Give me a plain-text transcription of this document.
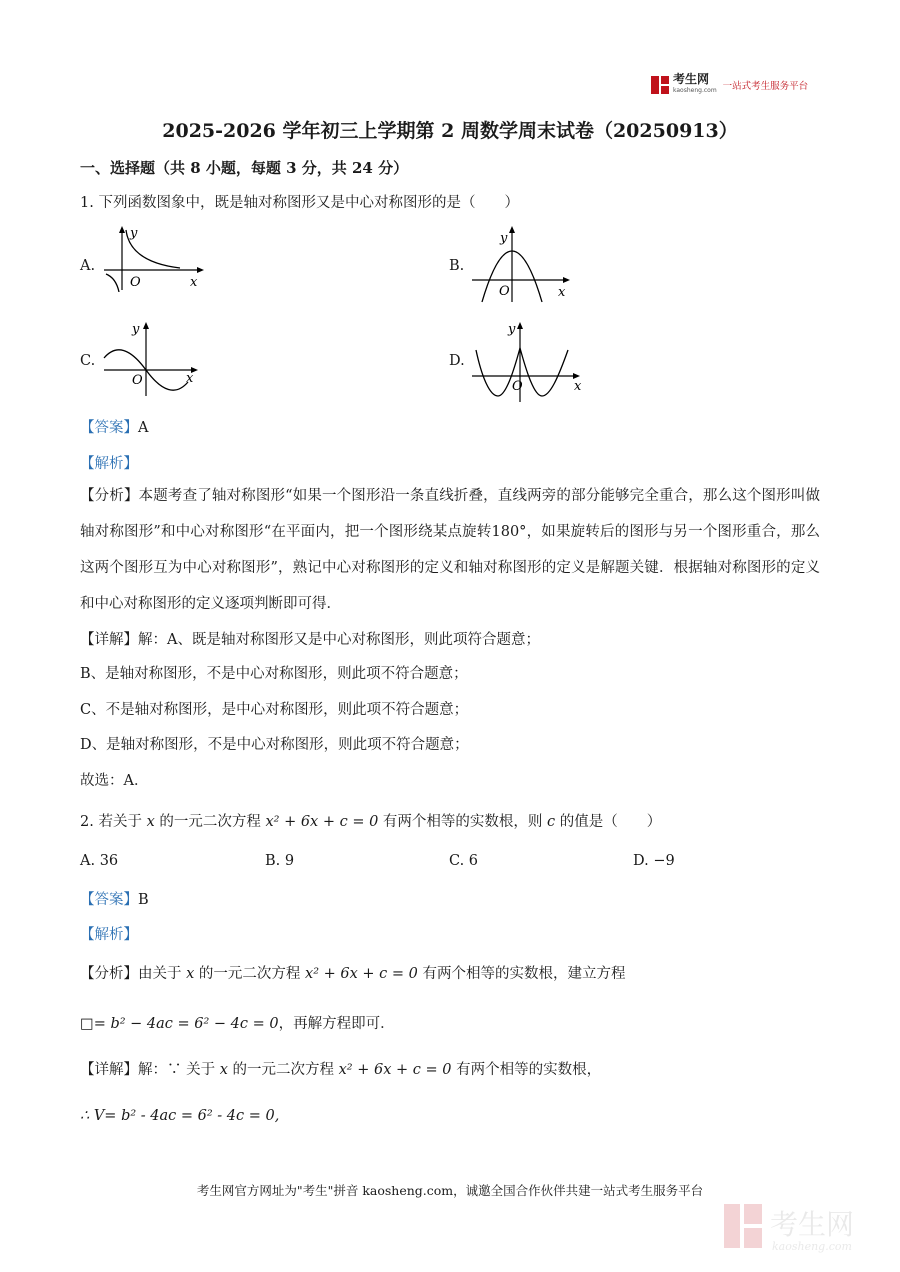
考生网
kaosheng.com 一站式考生服务平台
2025-2026 学年初三上学期第 2 周数学周末试卷（20250913）
一、选择题（共 8 小题，每题 3 分，共 24 分）
1. 下列函数图象中，既是轴对称图形又是中心对称图形的是（　　）
A.
y
x
O
B.
y
x
O
C.
y
x
O
D.
y
x
O
【答案】A
【解析】
【分析】本题考查了轴对称图形“如果一个图形沿一条直线折叠，直线两旁的部分能够完全重合，那么这个图形叫做轴对称图形”和中心对称图形“在平面内，把一个图形绕某点旋转180°，如果旋转后的图形与另一个图形重合，那么这两个图形互为中心对称图形”，熟记中心对称图形的定义和轴对称图形的定义是解题关键．根据轴对称图形的定义和中心对称图形的定义逐项判断即可得．
【详解】解：A、既是轴对称图形又是中心对称图形，则此项符合题意；
B、是轴对称图形，不是中心对称图形，则此项不符合题意；
C、不是轴对称图形，是中心对称图形，则此项不符合题意；
D、是轴对称图形，不是中心对称图形，则此项不符合题意；
故选：A．
2. 若关于 x 的一元二次方程 x² + 6x + c = 0 有两个相等的实数根，则 c 的值是（　　）
A. 36	B. 9	C. 6	D. −9
【答案】B
【解析】
【分析】由关于 x 的一元二次方程 x² + 6x + c = 0 有两个相等的实数根，建立方程
□= b² − 4ac = 6² − 4c = 0，再解方程即可．
【详解】解：∵ 关于 x 的一元二次方程 x² + 6x + c = 0 有两个相等的实数根，
∴ V= b² - 4ac = 6² - 4c = 0,
考生网官方网址为"考生"拼音 kaosheng.com，诚邀全国合作伙伴共建一站式考生服务平台
考生网
kaosheng.com
